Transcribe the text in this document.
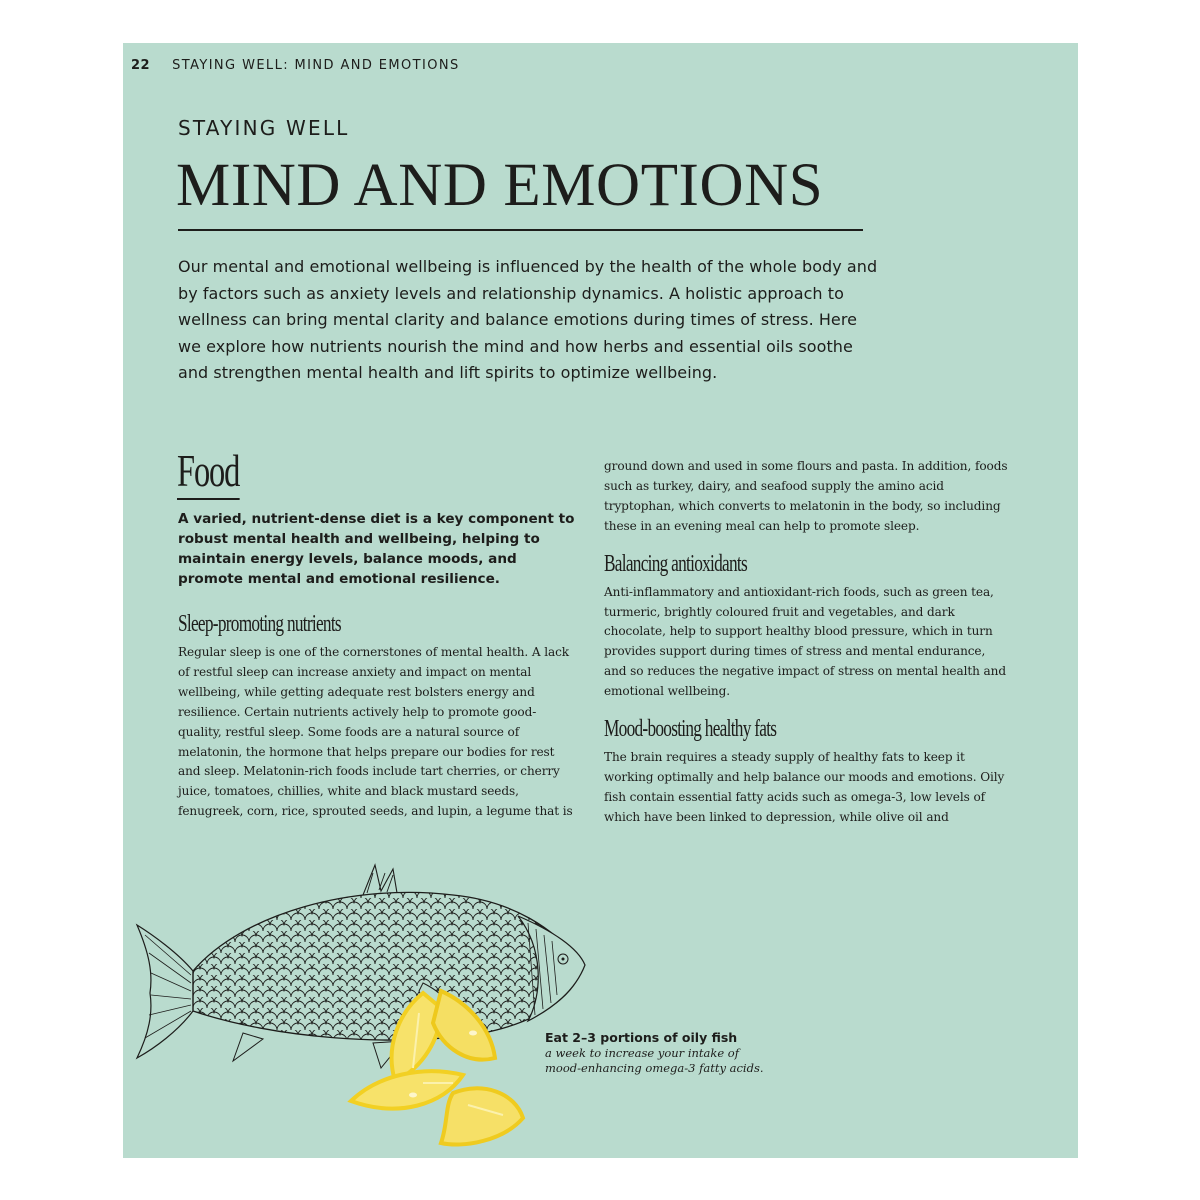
22 STAYING WELL: MIND AND EMOTIONS
STAYING WELL
MIND AND EMOTIONS

Our mental and emotional wellbeing is influenced by the health of the whole body and by factors such as anxiety levels and relationship dynamics. A holistic approach to wellness can bring mental clarity and balance emotions during times of stress. Here we explore how nutrients nourish the mind and how herbs and essential oils soothe and strengthen mental health and lift spirits to optimize wellbeing.

Food

A varied, nutrient-dense diet is a key component to robust mental health and wellbeing, helping to maintain energy levels, balance moods, and promote mental and emotional resilience.

Sleep-promoting nutrients

Regular sleep is one of the cornerstones of mental health. A lack of restful sleep can increase anxiety and impact on mental wellbeing, while getting adequate rest bolsters energy and resilience. Certain nutrients actively help to promote good-quality, restful sleep. Some foods are a natural source of melatonin, the hormone that helps prepare our bodies for rest and sleep. Melatonin-rich foods include tart cherries, or cherry juice, tomatoes, chillies, white and black mustard seeds, fenugreek, corn, rice, sprouted seeds, and lupin, a legume that is

ground down and used in some flours and pasta. In addition, foods such as turkey, dairy, and seafood supply the amino acid tryptophan, which converts to melatonin in the body, so including these in an evening meal can help to promote sleep.

Balancing antioxidants

Anti-inflammatory and antioxidant-rich foods, such as green tea, turmeric, brightly coloured fruit and vegetables, and dark chocolate, help to support healthy blood pressure, which in turn provides support during times of stress and mental endurance, and so reduces the negative impact of stress on mental health and emotional wellbeing.

Mood-boosting healthy fats

The brain requires a steady supply of healthy fats to keep it working optimally and help balance our moods and emotions. Oily fish contain essential fatty acids such as omega-3, low levels of which have been linked to depression, while olive oil and

Eat 2–3 portions of oily fish
a week to increase your intake of mood-enhancing omega-3 fatty acids.
